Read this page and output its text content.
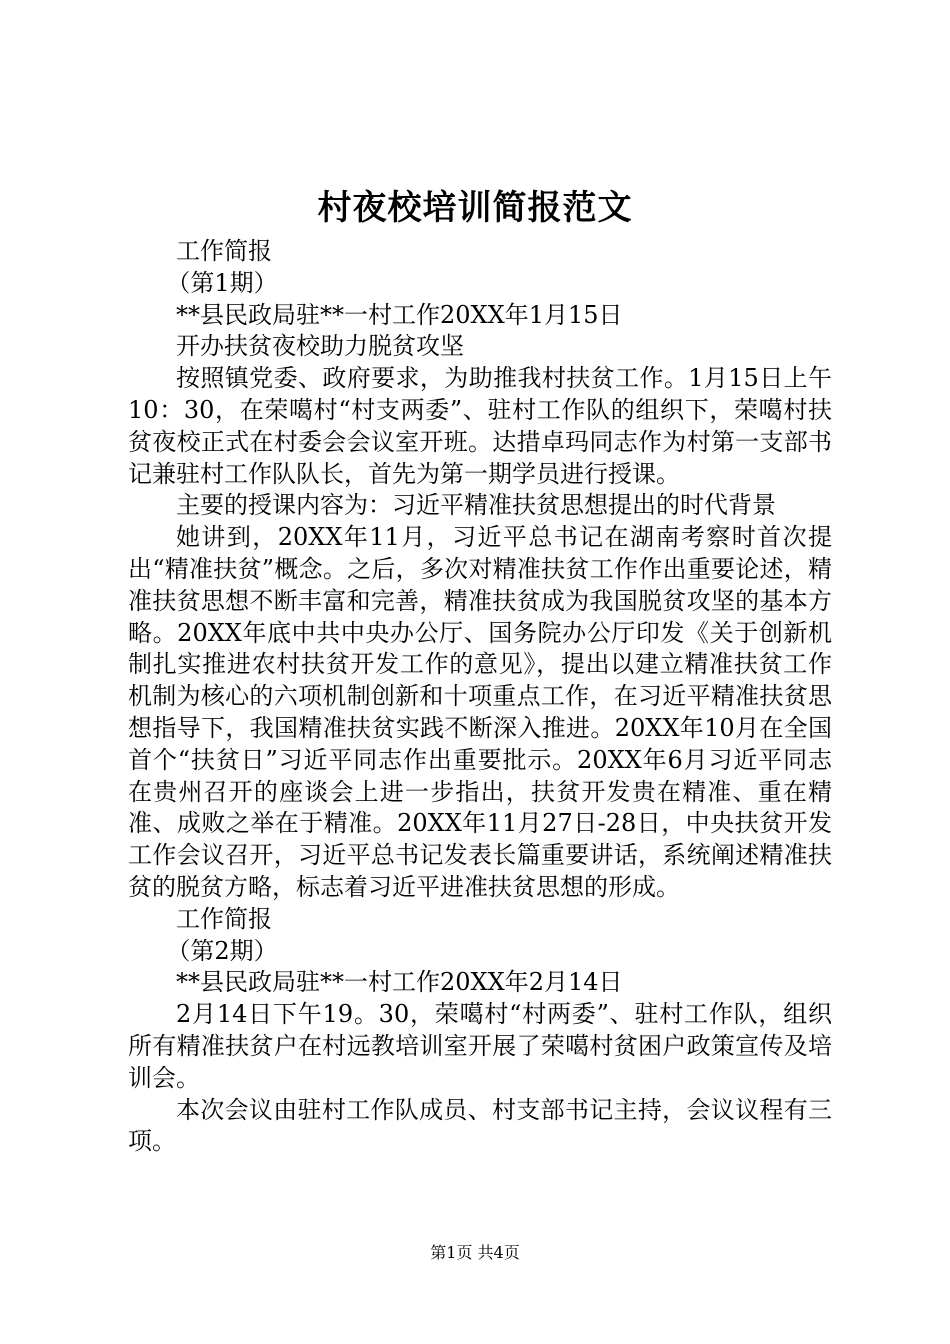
村夜校培训简报范文

工作简报

（第1期）

**县民政局驻**一村工作20XX年1月15日

开办扶贫夜校助力脱贫攻坚

按照镇党委、政府要求，为助推我村扶贫工作。1月15日上午10：30，在荣噶村“村支两委”、驻村工作队的组织下，荣噶村扶贫夜校正式在村委会会议室开班。达措卓玛同志作为村第一支部书记兼驻村工作队队长，首先为第一期学员进行授课。

主要的授课内容为：习近平精准扶贫思想提出的时代背景

她讲到，20XX年11月，习近平总书记在湖南考察时首次提出“精准扶贫”概念。之后，多次对精准扶贫工作作出重要论述，精准扶贫思想不断丰富和完善，精准扶贫成为我国脱贫攻坚的基本方略。20XX年底中共中央办公厅、国务院办公厅印发《关于创新机制扎实推进农村扶贫开发工作的意见》，提出以建立精准扶贫工作机制为核心的六项机制创新和十项重点工作，在习近平精准扶贫思想指导下，我国精准扶贫实践不断深入推进。20XX年10月在全国首个“扶贫日”习近平同志作出重要批示。20XX年6月习近平同志在贵州召开的座谈会上进一步指出，扶贫开发贵在精准、重在精准、成败之举在于精准。20XX年11月27日-28日，中央扶贫开发工作会议召开，习近平总书记发表长篇重要讲话，系统阐述精准扶贫的脱贫方略，标志着习近平进准扶贫思想的形成。

工作简报

（第2期）

**县民政局驻**一村工作20XX年2月14日

2月14日下午19。30，荣噶村“村两委”、驻村工作队，组织所有精准扶贫户在村远教培训室开展了荣噶村贫困户政策宣传及培训会。

本次会议由驻村工作队成员、村支部书记主持，会议议程有三项。

第1页 共4页
